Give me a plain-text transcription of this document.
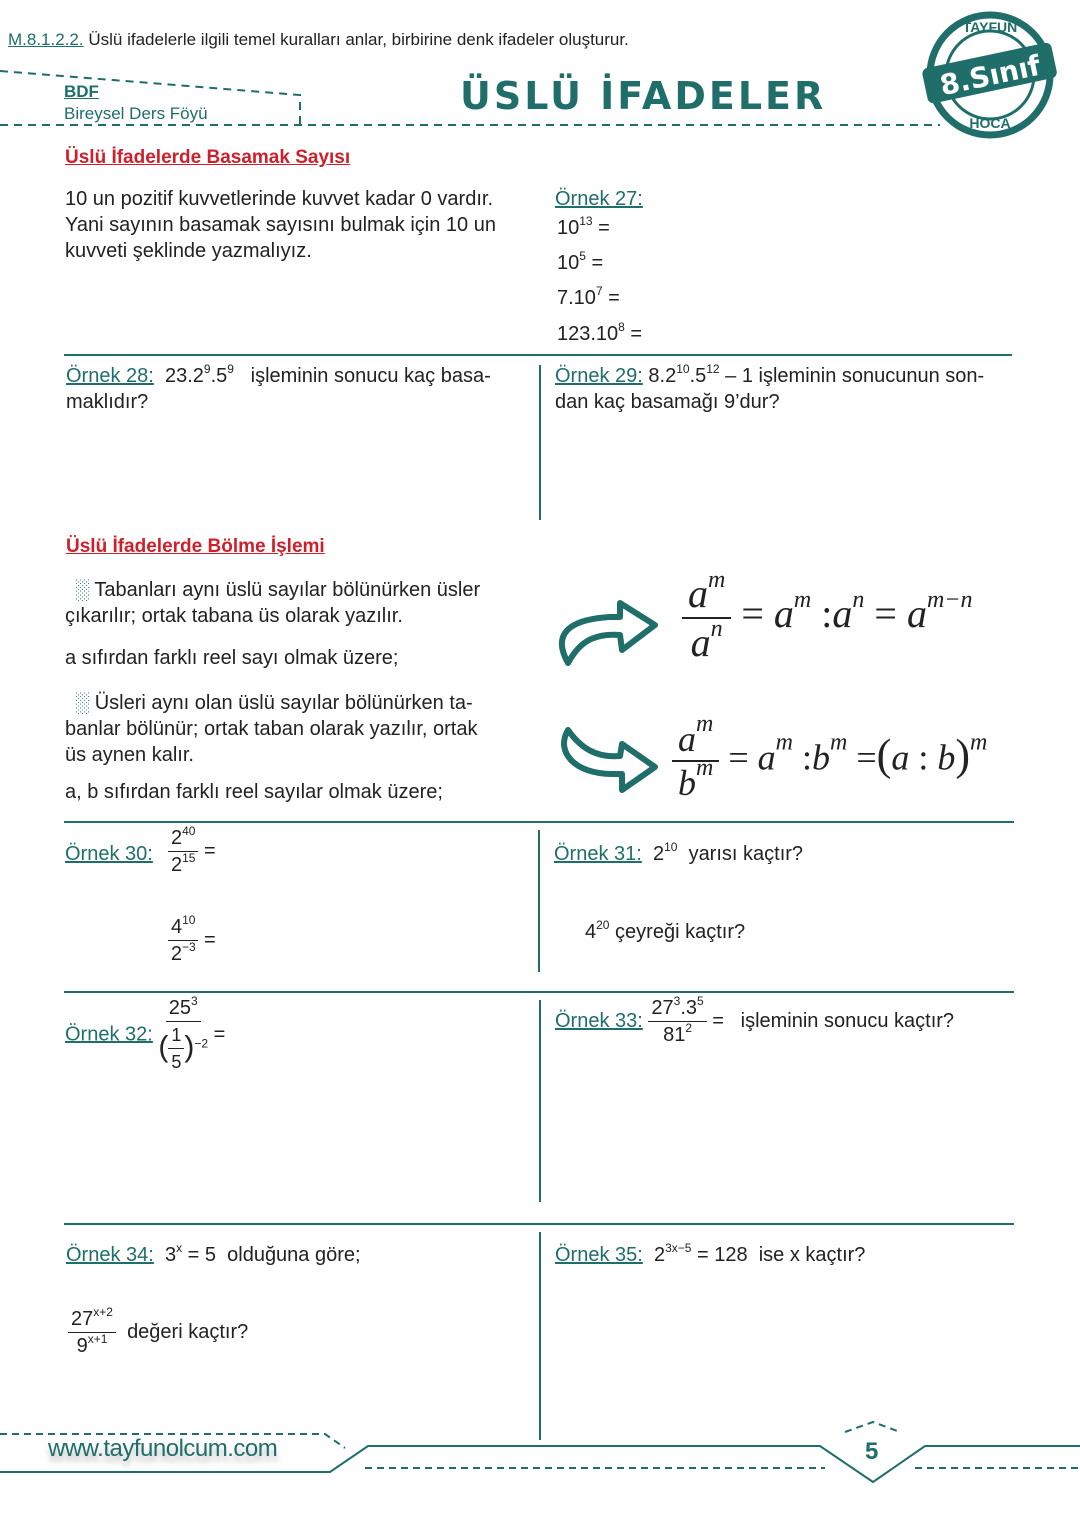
M.8.1.2.2. Üslü ifadelerle ilgili temel kuralları anlar, birbirine denk ifadeler oluşturur.
BDF
Bireysel Ders Föyü	ÜSLÜ İFADELER	8.Sınıf
TAYFUN
HOCA
Üslü İfadelerde Basamak Sayısı
10 un pozitif kuvvetlerinde kuvvet kadar 0 vardır.
Yani sayının basamak sayısını bulmak için 10 un
kuvveti şeklinde yazmalıyız.
Örnek 27:
$10^{13}$ =
$10^5$ =
$7.10^7$ =
$123.10^8$ =
Örnek 28: $23.2^9.5^9$ işleminin sonucu kaç basa-
maklıdır?
Örnek 29: $8.2^{10}.5^{12} - 1$ işleminin sonucunun son-
dan kaç basamağı 9’dur?
Üslü İfadelerde Bölme İşlemi
░ Tabanları aynı üslü sayılar bölünürken üsler
çıkarılır; ortak tabana üs olarak yazılır.
a sıfırdan farklı reel sayı olmak üzere;
░ Üsleri aynı olan üslü sayılar bölünürken ta-
banlar bölünür; ortak taban olarak yazılır, ortak
üs aynen kalır.
a, b sıfırdan farklı reel sayılar olmak üzere;
$\frac{a^m}{a^n} = a^m$ $:a^n = a^{m-n}$
$\frac{a^m}{b^m} = a^m$ $:b^m =(a$ : b)$^m$
Örnek 30: $\frac{2^{40}}{2^{15}}$ =
$\frac{4^{10}}{2^{-3}}$ =
Örnek 31: $2^{10}$ yarısı kaçtır?
$4^{20}$ çeyreği kaçtır?
Örnek 32: $\frac{25^3}{( \frac{1}{5} )^{-2}}$ =
Örnek 33: $\frac{27^3.3^5}{81^2}$ = işleminin sonucu kaçtır?
Örnek 34: $3^x = 5$ olduğuna göre;
$\frac{27^{x+2}}{9^{x+1}}$ değeri kaçtır?
Örnek 35: $2^{3x-5} = 128$ ise x kaçtır?
www.tayfunolcum.com	5
